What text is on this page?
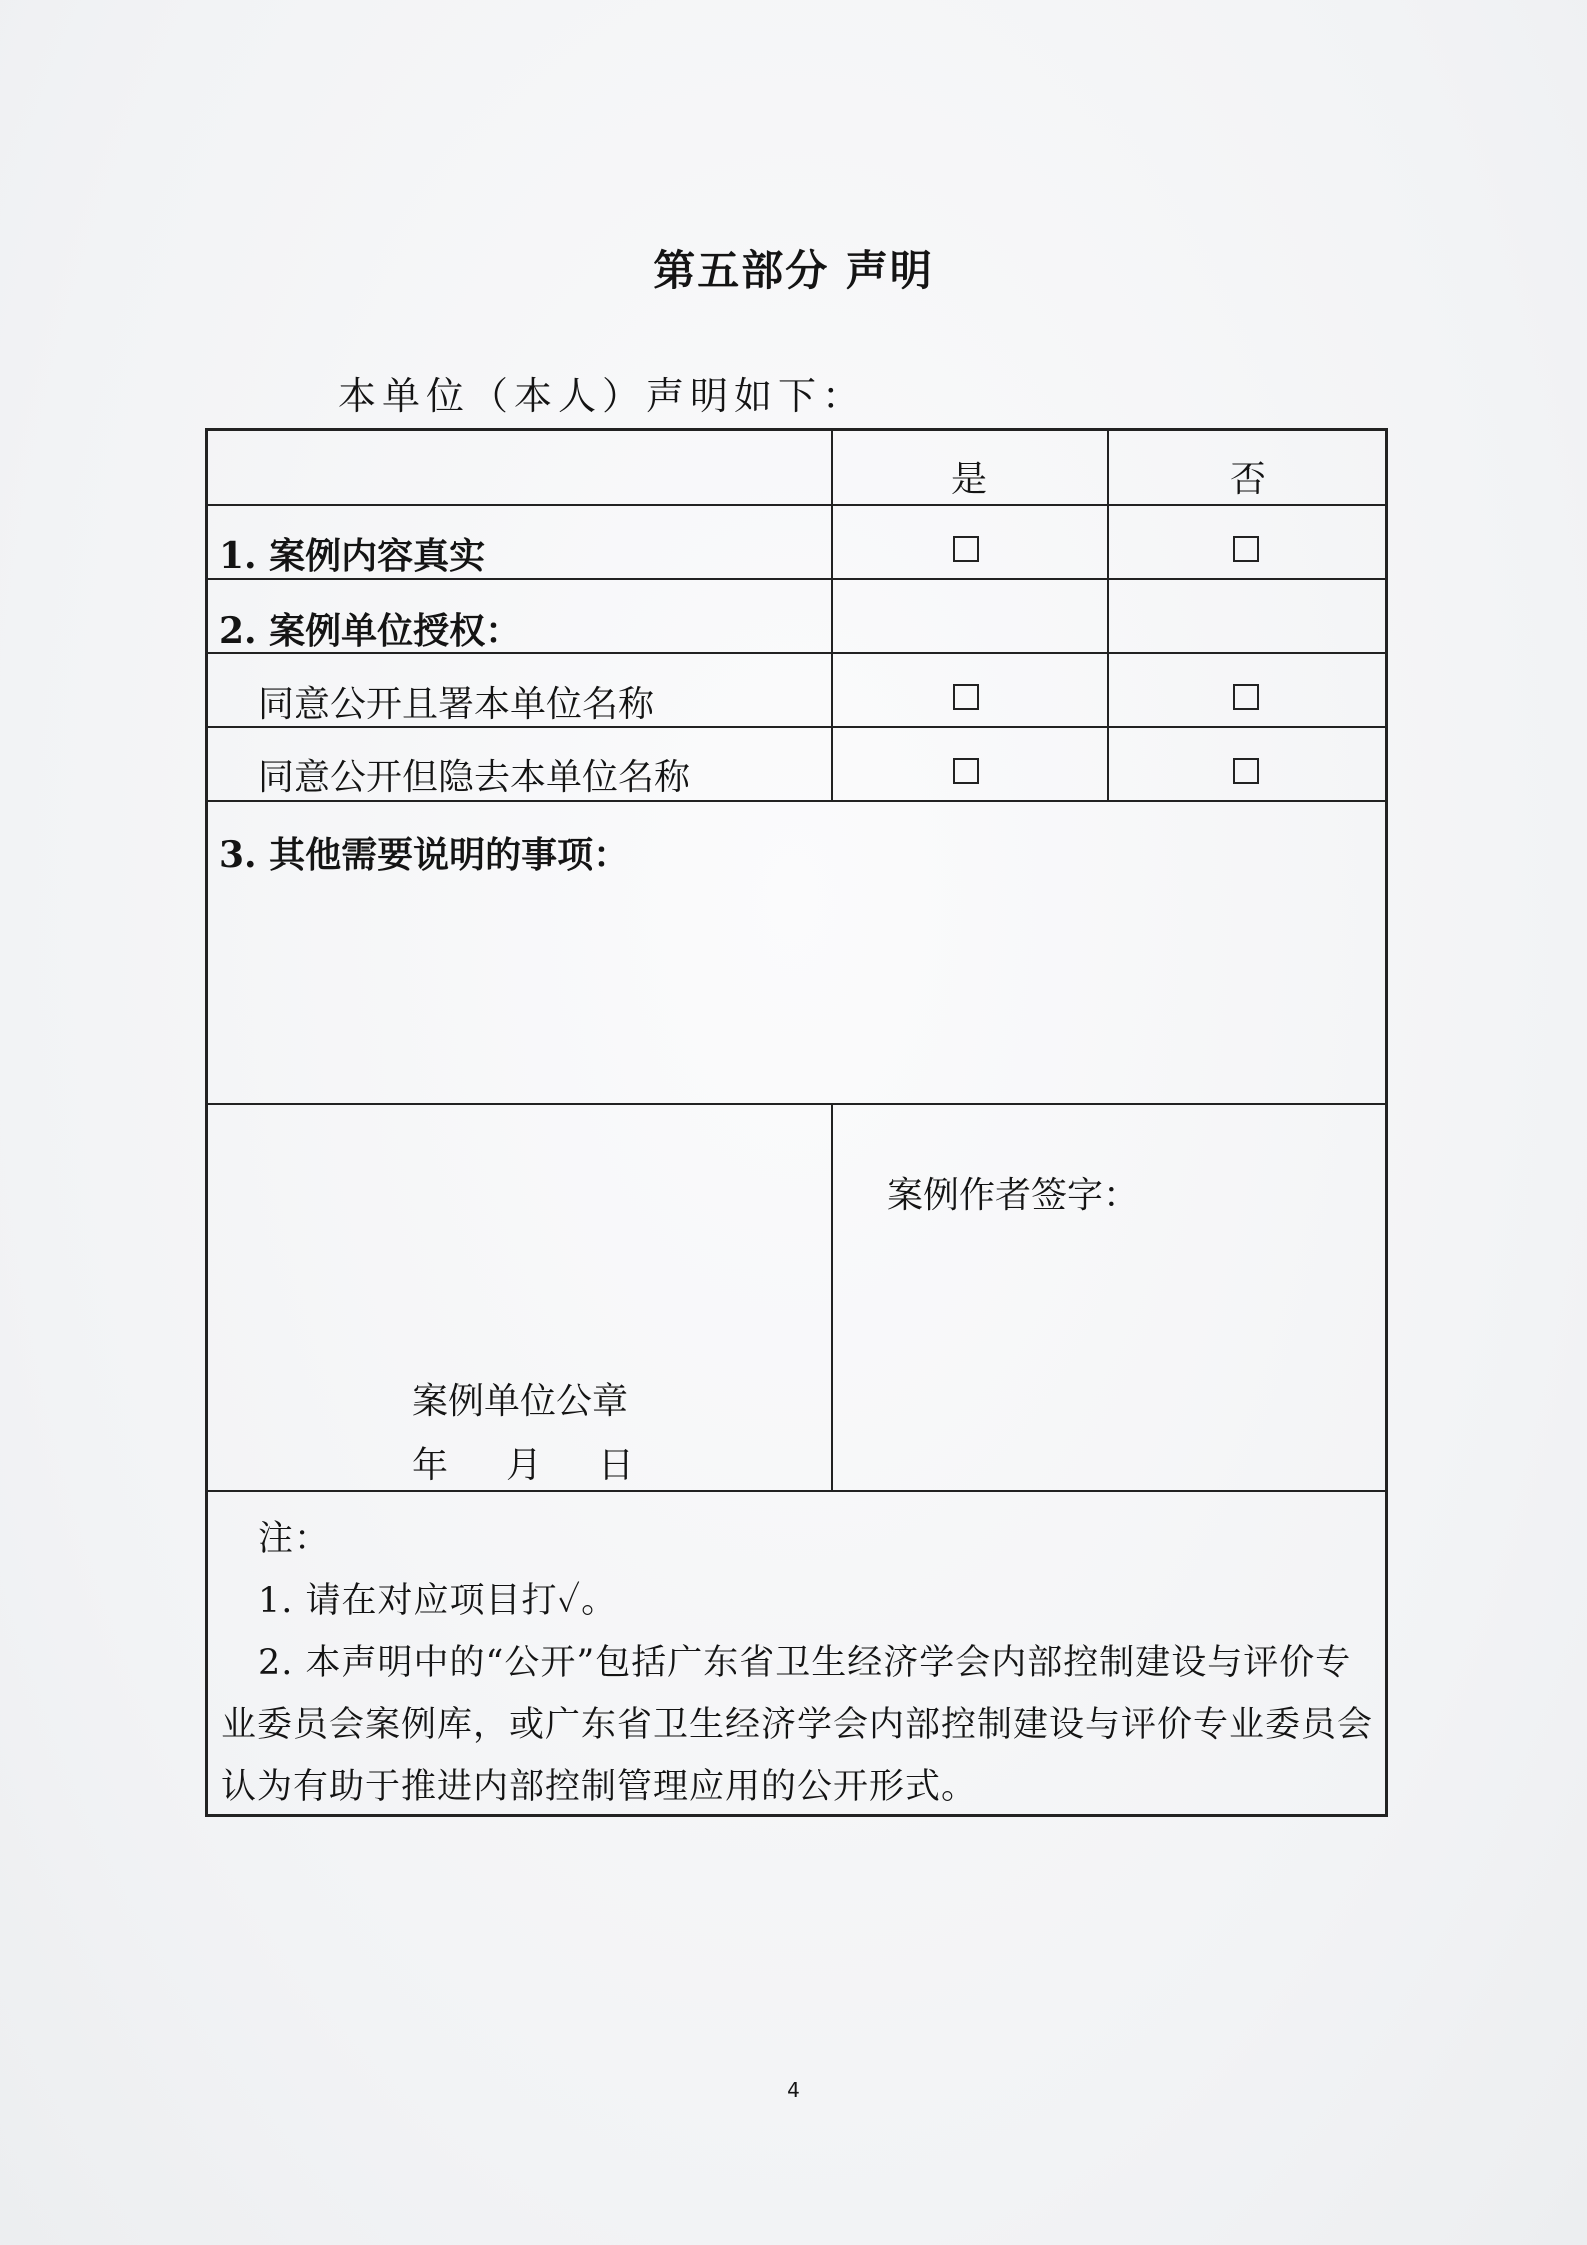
第五部分 声明
本单位（本人）声明如下：
是	否
1. 案例内容真实
2. 案例单位授权：
同意公开且署本单位名称
同意公开但隐去本单位名称
3. 其他需要说明的事项：
案例单位公章
年 月 日
案例作者签字：
注：
1. 请在对应项目打✓。
2. 本声明中的“公开”包括广东省卫生经济学会内部控制建设与评价专
业委员会案例库，或广东省卫生经济学会内部控制建设与评价专业委员会
认为有助于推进内部控制管理应用的公开形式。
4
